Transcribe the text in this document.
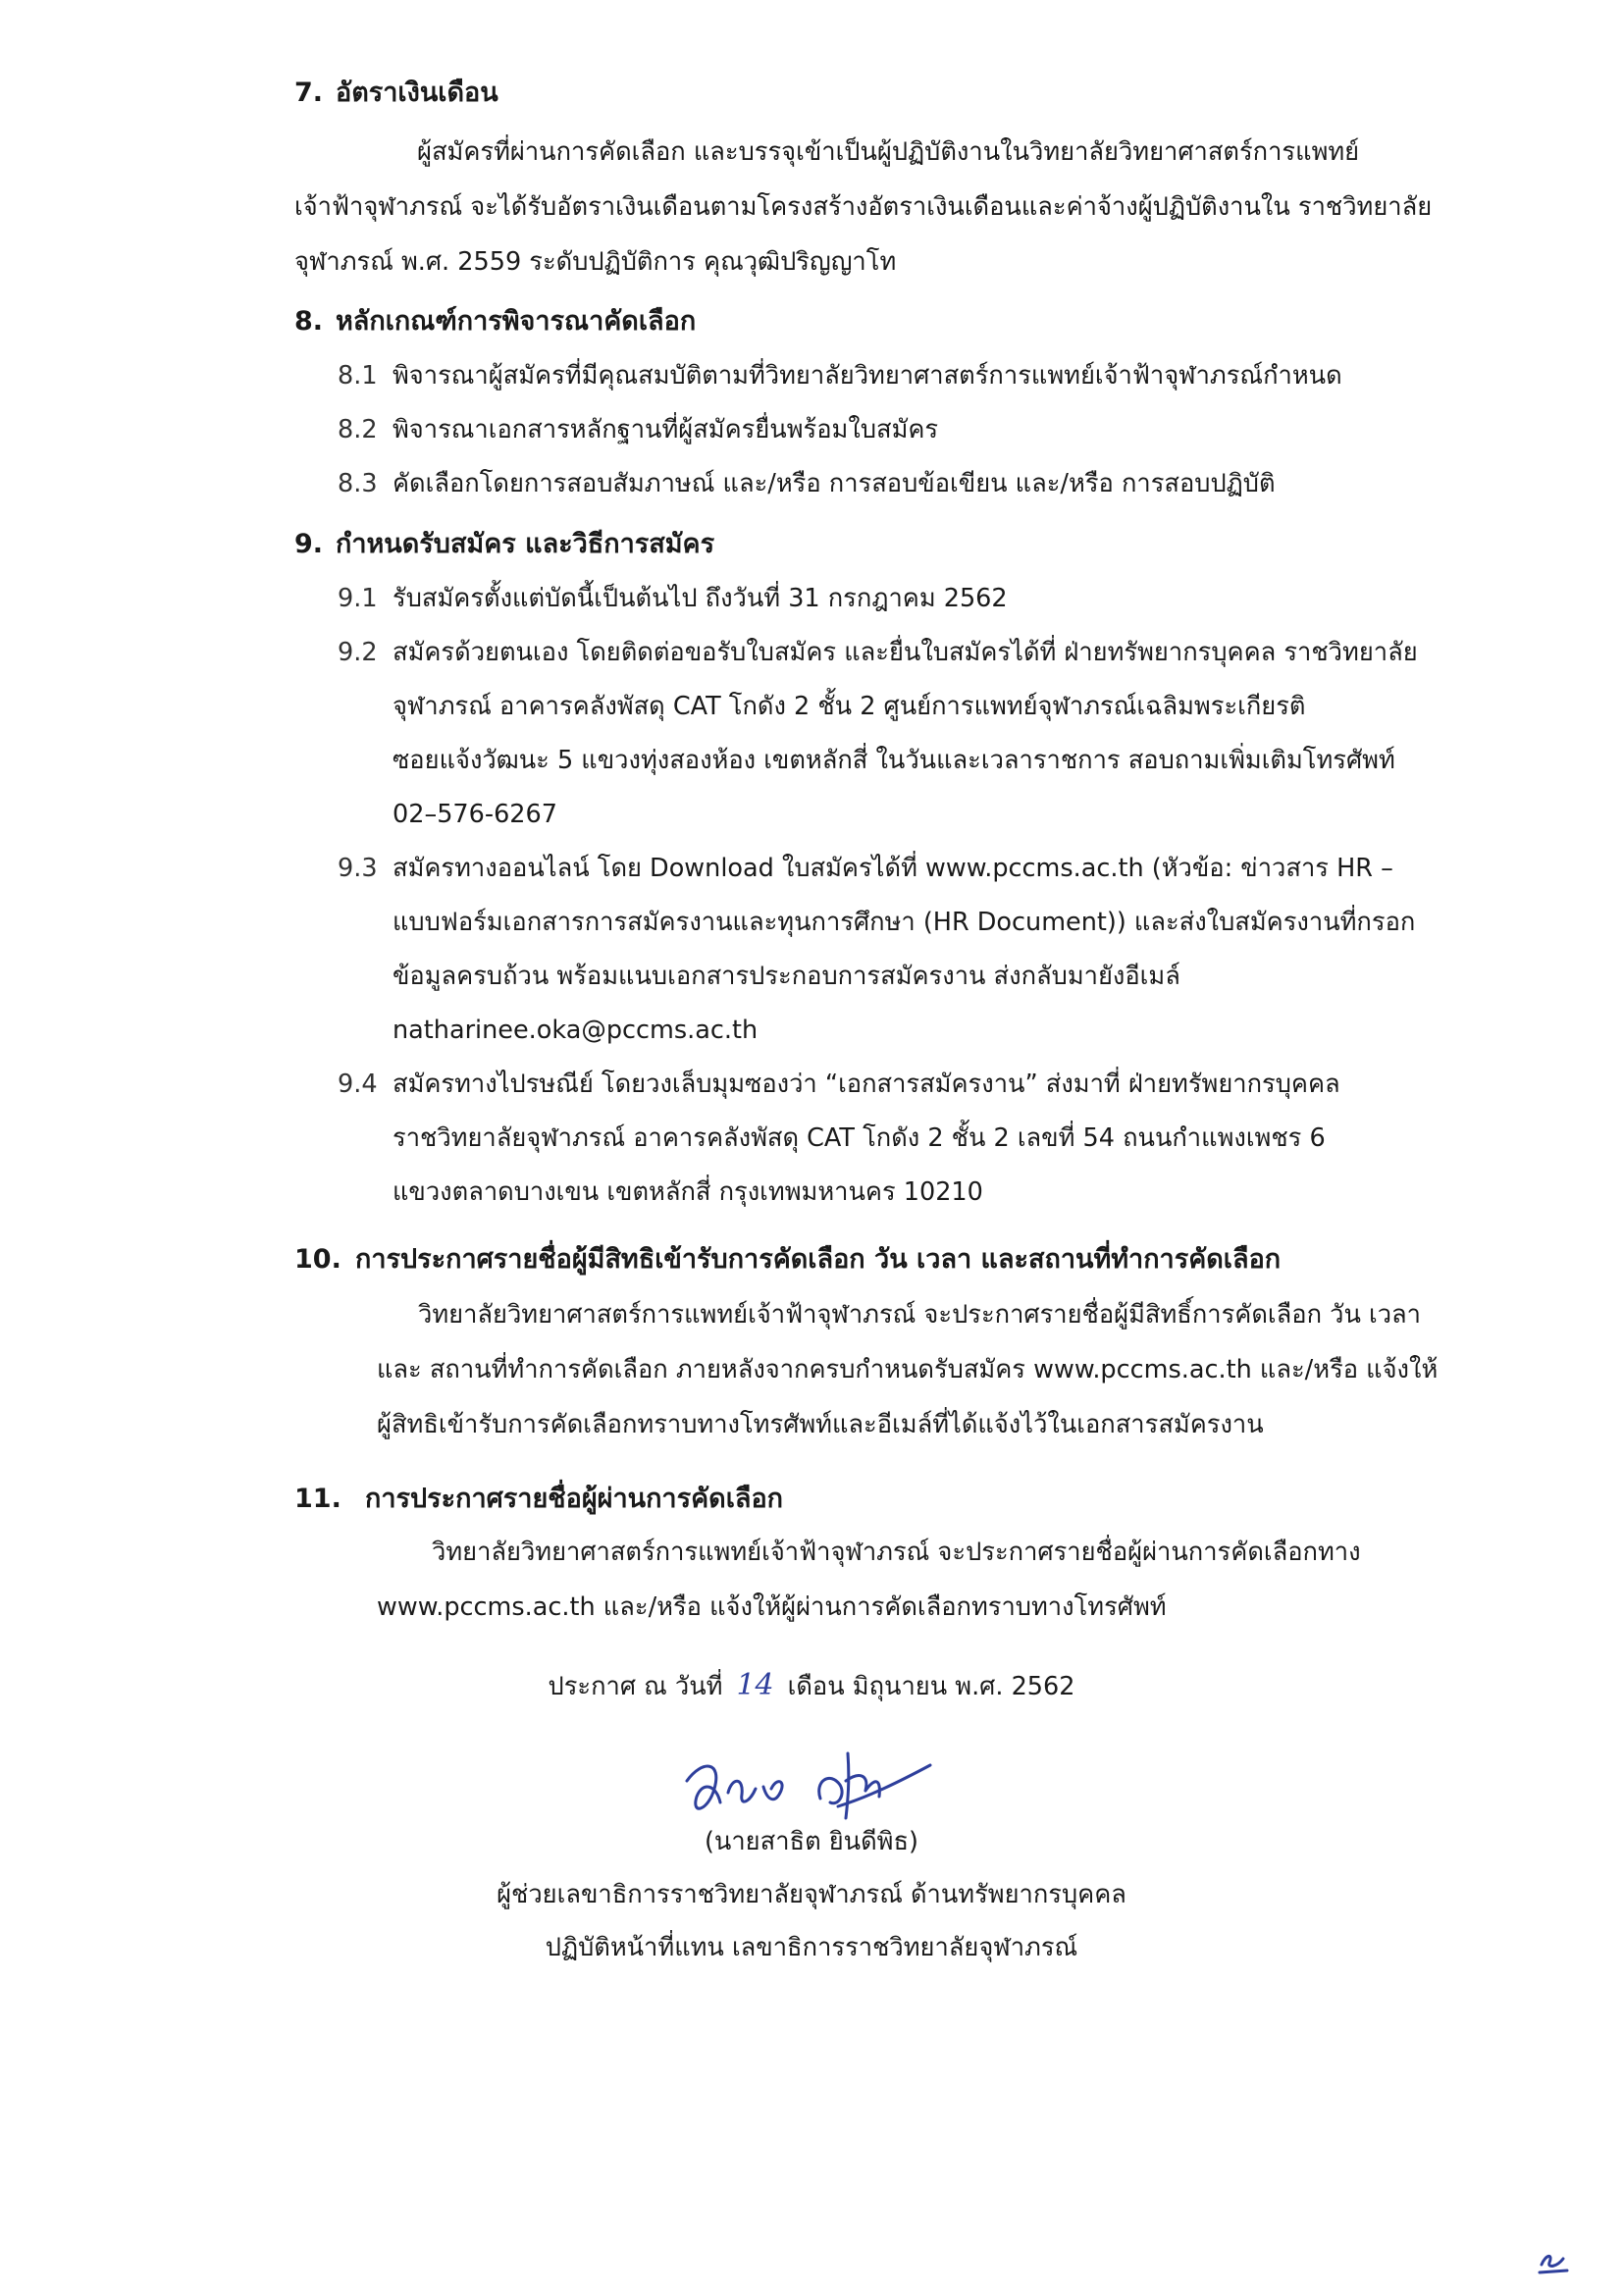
7. อัตราเงินเดือน
ผู้สมัครที่ผ่านการคัดเลือก และบรรจุเข้าเป็นผู้ปฏิบัติงานในวิทยาลัยวิทยาศาสตร์การแพทย์
เจ้าฟ้าจุฬาภรณ์ จะได้รับอัตราเงินเดือนตามโครงสร้างอัตราเงินเดือนและค่าจ้างผู้ปฏิบัติงานใน ราชวิทยาลัย
จุฬาภรณ์ พ.ศ. 2559 ระดับปฏิบัติการ คุณวุฒิปริญญาโท
8. หลักเกณฑ์การพิจารณาคัดเลือก
8.1 พิจารณาผู้สมัครที่มีคุณสมบัติตามที่วิทยาลัยวิทยาศาสตร์การแพทย์เจ้าฟ้าจุฬาภรณ์กำหนด
8.2 พิจารณาเอกสารหลักฐานที่ผู้สมัครยื่นพร้อมใบสมัคร
8.3 คัดเลือกโดยการสอบสัมภาษณ์ และ/หรือ การสอบข้อเขียน และ/หรือ การสอบปฏิบัติ
9. กำหนดรับสมัคร และวิธีการสมัคร
9.1 รับสมัครตั้งแต่บัดนี้เป็นต้นไป ถึงวันที่ 31 กรกฎาคม 2562
9.2 สมัครด้วยตนเอง โดยติดต่อขอรับใบสมัคร และยื่นใบสมัครได้ที่ ฝ่ายทรัพยากรบุคคล ราชวิทยาลัย
จุฬาภรณ์ อาคารคลังพัสดุ CAT โกดัง 2 ชั้น 2 ศูนย์การแพทย์จุฬาภรณ์เฉลิมพระเกียรติ
ซอยแจ้งวัฒนะ 5 แขวงทุ่งสองห้อง เขตหลักสี่ ในวันและเวลาราชการ สอบถามเพิ่มเติมโทรศัพท์
02–576-6267
9.3 สมัครทางออนไลน์ โดย Download ใบสมัครได้ที่ www.pccms.ac.th (หัวข้อ: ข่าวสาร HR –
แบบฟอร์มเอกสารการสมัครงานและทุนการศึกษา (HR Document)) และส่งใบสมัครงานที่กรอก
ข้อมูลครบถ้วน พร้อมแนบเอกสารประกอบการสมัครงาน ส่งกลับมายังอีเมล์
natharinee.oka@pccms.ac.th
9.4 สมัครทางไปรษณีย์ โดยวงเล็บมุมซองว่า “เอกสารสมัครงาน” ส่งมาที่ ฝ่ายทรัพยากรบุคคล
ราชวิทยาลัยจุฬาภรณ์ อาคารคลังพัสดุ CAT โกดัง 2 ชั้น 2 เลขที่ 54 ถนนกำแพงเพชร 6
แขวงตลาดบางเขน เขตหลักสี่ กรุงเทพมหานคร 10210
10. การประกาศรายชื่อผู้มีสิทธิเข้ารับการคัดเลือก วัน เวลา และสถานที่ทำการคัดเลือก
วิทยาลัยวิทยาศาสตร์การแพทย์เจ้าฟ้าจุฬาภรณ์ จะประกาศรายชื่อผู้มีสิทธิ์การคัดเลือก วัน เวลา
และ สถานที่ทำการคัดเลือก ภายหลังจากครบกำหนดรับสมัคร www.pccms.ac.th และ/หรือ แจ้งให้
ผู้สิทธิเข้ารับการคัดเลือกทราบทางโทรศัพท์และอีเมล์ที่ได้แจ้งไว้ในเอกสารสมัครงาน
11. การประกาศรายชื่อผู้ผ่านการคัดเลือก
วิทยาลัยวิทยาศาสตร์การแพทย์เจ้าฟ้าจุฬาภรณ์ จะประกาศรายชื่อผู้ผ่านการคัดเลือกทาง
www.pccms.ac.th และ/หรือ แจ้งให้ผู้ผ่านการคัดเลือกทราบทางโทรศัพท์
ประกาศ ณ วันที่ 14 เดือน มิถุนายน พ.ศ. 2562
(นายสาธิต ยินดีพิธ)
ผู้ช่วยเลขาธิการราชวิทยาลัยจุฬาภรณ์ ด้านทรัพยากรบุคคล
ปฏิบัติหน้าที่แทน เลขาธิการราชวิทยาลัยจุฬาภรณ์
